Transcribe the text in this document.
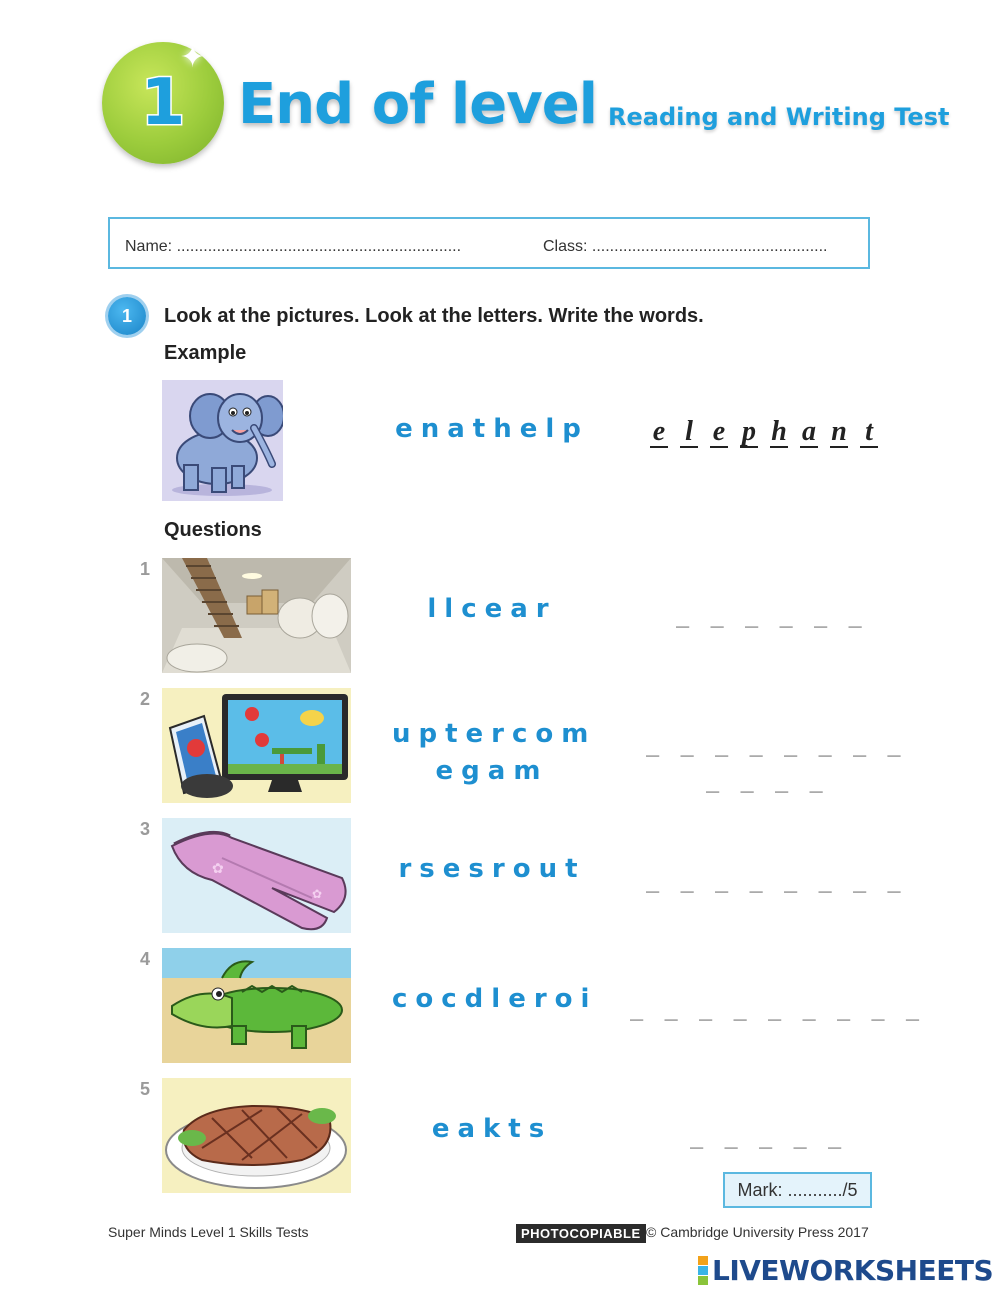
1
✦
End of level Reading and Writing Test
Name: ................................................................	Class: .....................................................
1	Look at the pictures. Look at the letters. Write the words.
Example
enathelp e l e p h a n t
Questions
1
llcear	_ _ _ _ _ _
2
uptercom
egam
_ _ _ _ _ _ _ _
_ _ _ _
3
✿
✿
rsesrout	_ _ _ _ _ _ _ _
4
cocdleroi _ _ _ _ _ _ _ _ _
5
eakts	_ _ _ _ _
Mark: .........../5
Super Minds Level 1 Skills Tests	PHOTOCOPIABLE © Cambridge University Press 2017
LIVEWORKSHEETS
